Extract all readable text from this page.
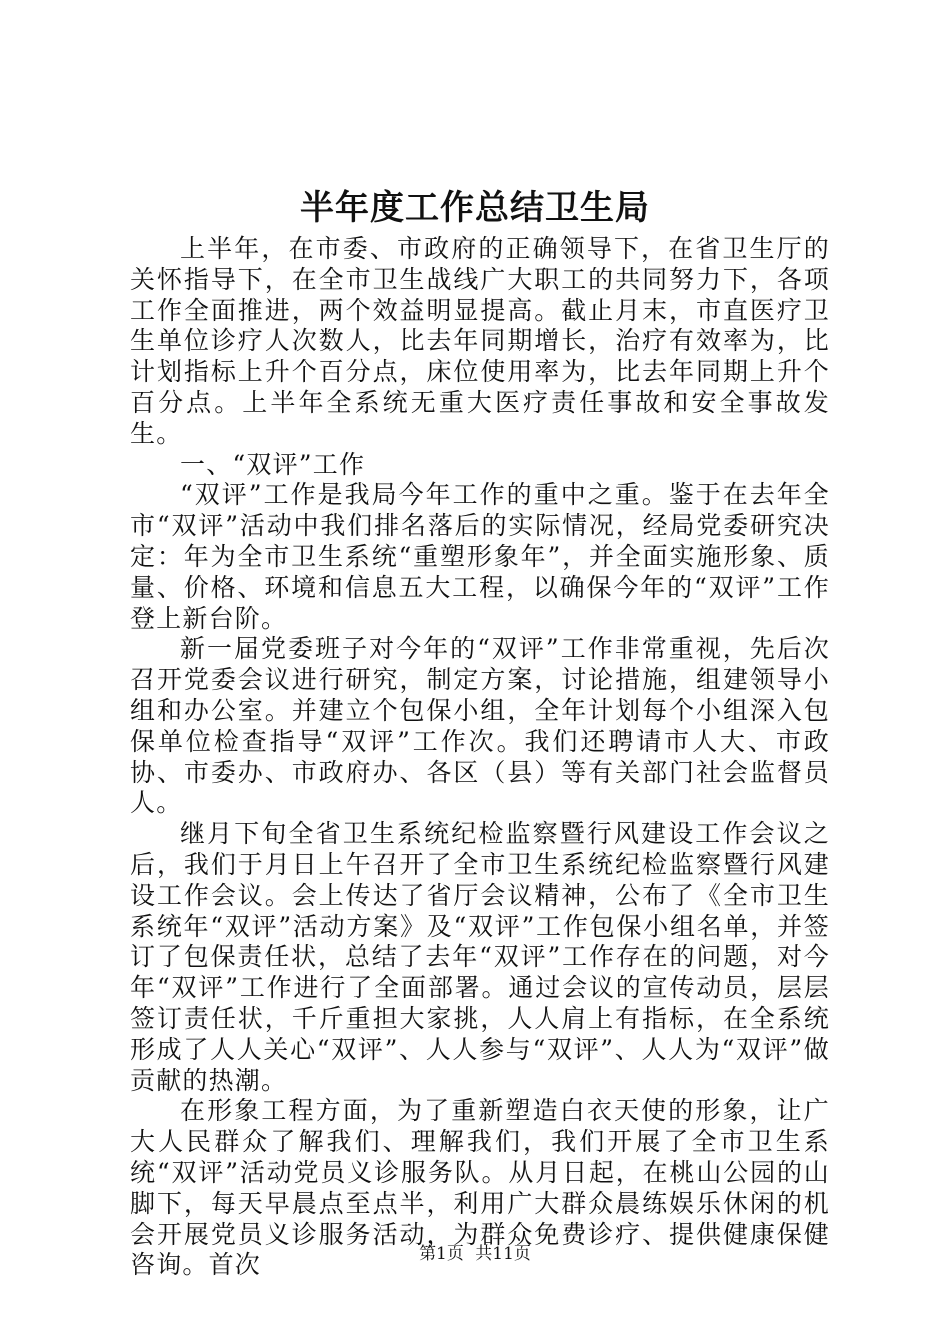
半年度工作总结卫生局

上半年，在市委、市政府的正确领导下，在省卫生厅的关怀指导下，在全市卫生战线广大职工的共同努力下，各项工作全面推进，两个效益明显提高。截止月末，市直医疗卫生单位诊疗人次数人，比去年同期增长，治疗有效率为，比计划指标上升个百分点，床位使用率为，比去年同期上升个百分点。上半年全系统无重大医疗责任事故和安全事故发生。

一、“双评”工作

“双评”工作是我局今年工作的重中之重。鉴于在去年全市“双评”活动中我们排名落后的实际情况，经局党委研究决定：年为全市卫生系统“重塑形象年”，并全面实施形象、质量、价格、环境和信息五大工程，以确保今年的“双评”工作登上新台阶。

新一届党委班子对今年的“双评”工作非常重视，先后次召开党委会议进行研究，制定方案，讨论措施，组建领导小组和办公室。并建立个包保小组，全年计划每个小组深入包保单位检查指导“双评”工作次。我们还聘请市人大、市政协、市委办、市政府办、各区（县）等有关部门社会监督员人。

继月下旬全省卫生系统纪检监察暨行风建设工作会议之后，我们于月日上午召开了全市卫生系统纪检监察暨行风建设工作会议。会上传达了省厅会议精神，公布了《全市卫生系统年“双评”活动方案》及“双评”工作包保小组名单，并签订了包保责任状，总结了去年“双评”工作存在的问题，对今年“双评”工作进行了全面部署。通过会议的宣传动员，层层签订责任状，千斤重担大家挑，人人肩上有指标，在全系统形成了人人关心“双评”、人人参与“双评”、人人为“双评”做贡献的热潮。

在形象工程方面，为了重新塑造白衣天使的形象，让广大人民群众了解我们、理解我们，我们开展了全市卫生系统“双评”活动党员义诊服务队。从月日起，在桃山公园的山脚下，每天早晨点至点半，利用广大群众晨练娱乐休闲的机会开展党员义诊服务活动，为群众免费诊疗、提供健康保健咨询。首次	第1页 共11页
